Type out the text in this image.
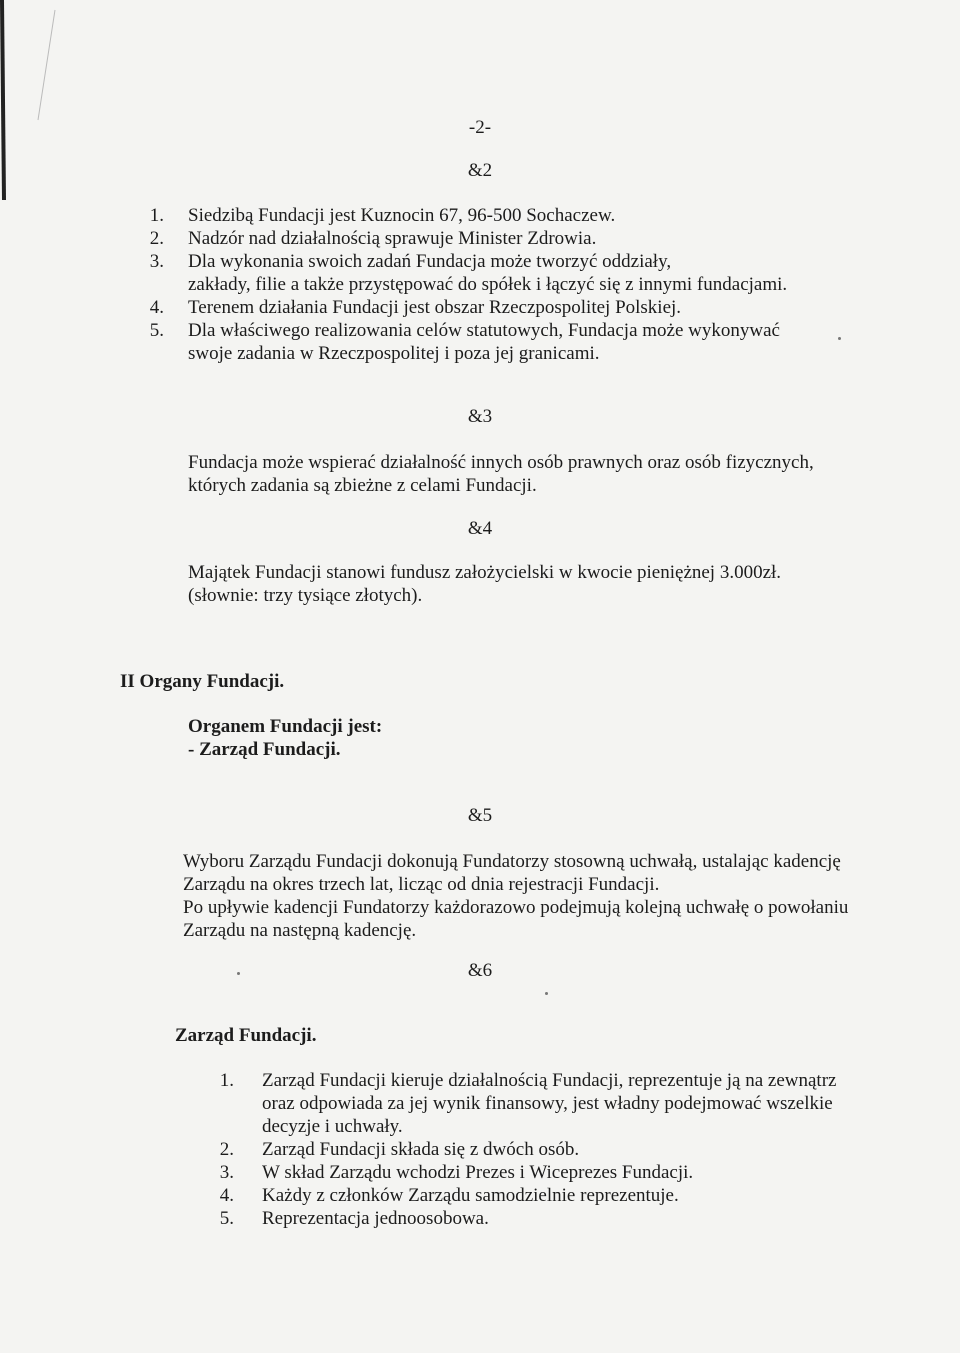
-2-
&2
1. Siedzibą Fundacji jest Kuznocin 67, 96-500 Sochaczew.
2. Nadzór nad działalnością sprawuje Minister Zdrowia.
3. Dla wykonania swoich zadań Fundacja może tworzyć oddziały,
zakłady, filie a także przystępować do spółek i łączyć się z innymi fundacjami.
4. Terenem działania Fundacji jest obszar Rzeczpospolitej Polskiej.
5. Dla właściwego realizowania celów statutowych, Fundacja może wykonywać
swoje zadania w Rzeczpospolitej i poza jej granicami.
&3
Fundacja może wspierać działalność innych osób prawnych oraz osób fizycznych,
których zadania są zbieżne z celami Fundacji.
&4
Majątek Fundacji stanowi fundusz założycielski w kwocie pieniężnej 3.000zł.
(słownie: trzy tysiące złotych).
II Organy Fundacji.
Organem Fundacji jest:
- Zarząd Fundacji.
&5
Wyboru Zarządu Fundacji dokonują Fundatorzy stosowną uchwałą, ustalając kadencję
Zarządu na okres trzech lat, licząc od dnia rejestracji Fundacji.
Po upływie kadencji Fundatorzy każdorazowo podejmują kolejną uchwałę o powołaniu
Zarządu na następną kadencję.
&6
Zarząd Fundacji.
1. Zarząd Fundacji kieruje działalnością Fundacji, reprezentuje ją na zewnątrz
oraz odpowiada za jej wynik finansowy, jest władny podejmować wszelkie
decyzje i uchwały.
2. Zarząd Fundacji składa się z dwóch osób.
3. W skład Zarządu wchodzi Prezes i Wiceprezes Fundacji.
4. Każdy z członków Zarządu samodzielnie reprezentuje.
5. Reprezentacja jednoosobowa.
